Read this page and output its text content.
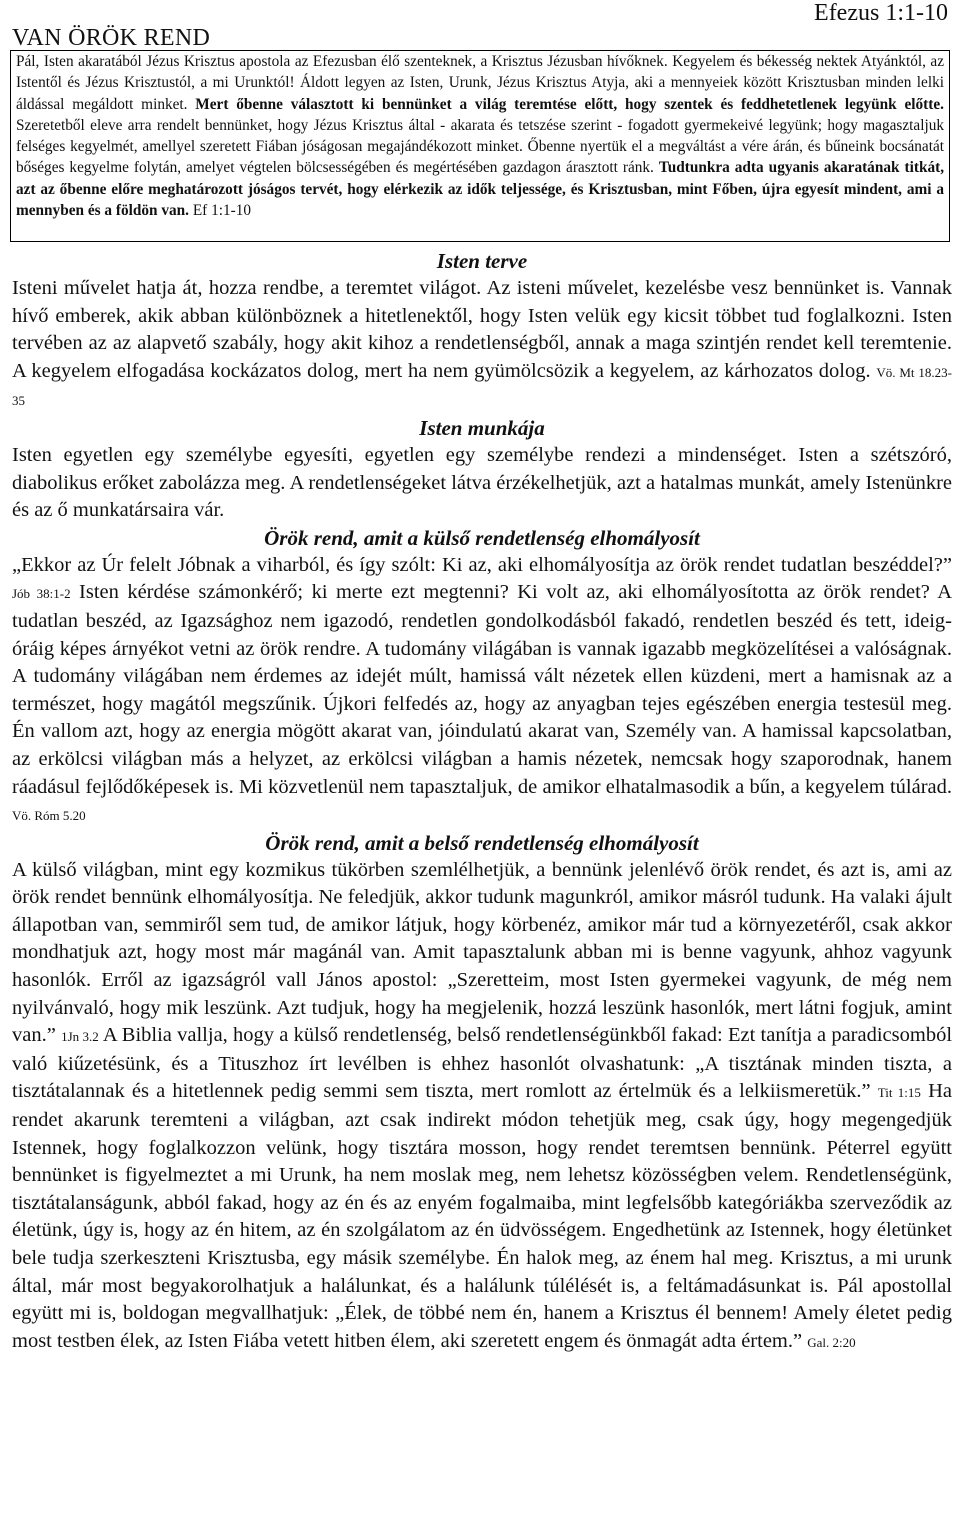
Efezus 1:1-10
VAN ÖRÖK REND

Pál, Isten akaratából Jézus Krisztus apostola az Efezusban élő szenteknek, a Krisztus Jézusban hívőknek. Kegyelem és békesség nektek Atyánktól, az Istentől és Jézus Krisztustól, a mi Urunktól! Áldott legyen az Isten, Urunk, Jézus Krisztus Atyja, aki a mennyeiek között Krisztusban minden lelki áldással megáldott minket. Mert őbenne választott ki bennünket a világ teremtése előtt, hogy szentek és feddhetetlenek legyünk előtte. Szeretetből eleve arra rendelt bennünket, hogy Jézus Krisztus által - akarata és tetszése szerint - fogadott gyermekeivé legyünk; hogy magasztaljuk felséges kegyelmét, amellyel szeretett Fiában jóságosan megajándékozott minket. Őbenne nyertük el a megváltást a vére árán, és bűneink bocsánatát bőséges kegyelme folytán, amelyet végtelen bölcsességében és megértésében gazdagon árasztott ránk. Tudtunkra adta ugyanis akaratának titkát, azt az őbenne előre meghatározott jóságos tervét, hogy elérkezik az idők teljessége, és Krisztusban, mint Főben, újra egyesít mindent, ami a mennyben és a földön van. Ef 1:1-10

Isten terve

Isteni művelet hatja át, hozza rendbe, a teremtet világot. Az isteni művelet, kezelésbe vesz bennünket is. Vannak hívő emberek, akik abban különböznek a hitetlenektől, hogy Isten velük egy kicsit többet tud foglalkozni. Isten tervében az az alapvető szabály, hogy akit kihoz a rendetlenségből, annak a maga szintjén rendet kell teremtenie. A kegyelem elfogadása kockázatos dolog, mert ha nem gyümölcsözik a kegyelem, az kárhozatos dolog. Vö. Mt 18.23-35

Isten munkája

Isten egyetlen egy személybe egyesíti, egyetlen egy személybe rendezi a mindenséget. Isten a szétszóró, diabolikus erőket zabolázza meg. A rendetlenségeket látva érzékelhetjük, azt a hatalmas munkát, amely Istenünkre és az ő munkatársaira vár.

Örök rend, amit a külső rendetlenség elhomályosít

„Ekkor az Úr felelt Jóbnak a viharból, és így szólt: Ki az, aki elhomályosítja az örök rendet tudatlan beszéddel?” Jób 38:1-2 Isten kérdése számonkérő; ki merte ezt megtenni? Ki volt az, aki elhomályosította az örök rendet? A tudatlan beszéd, az Igazsághoz nem igazodó, rendetlen gondolkodásból fakadó, rendetlen beszéd és tett, ideig-óráig képes árnyékot vetni az örök rendre. A tudomány világában is vannak igazabb megközelítései a valóságnak. A tudomány világában nem érdemes az idejét múlt, hamissá vált nézetek ellen küzdeni, mert a hamisnak az a természet, hogy magától megszűnik. Újkori felfedés az, hogy az anyagban tejes egészében energia testesül meg. Én vallom azt, hogy az energia mögött akarat van, jóindulatú akarat van, Személy van. A hamissal kapcsolatban, az erkölcsi világban más a helyzet, az erkölcsi világban a hamis nézetek, nemcsak hogy szaporodnak, hanem ráadásul fejlődőképesek is. Mi közvetlenül nem tapasztaljuk, de amikor elhatalmasodik a bűn, a kegyelem túlárad. Vö. Róm 5.20

Örök rend, amit a belső rendetlenség elhomályosít

A külső világban, mint egy kozmikus tükörben szemlélhetjük, a bennünk jelenlévő örök rendet, és azt is, ami az örök rendet bennünk elhomályosítja. Ne feledjük, akkor tudunk magunkról, amikor másról tudunk. Ha valaki ájult állapotban van, semmiről sem tud, de amikor látjuk, hogy körbenéz, amikor már tud a környezetéről, csak akkor mondhatjuk azt, hogy most már magánál van. Amit tapasztalunk abban mi is benne vagyunk, ahhoz vagyunk hasonlók. Erről az igazságról vall János apostol: „Szeretteim, most Isten gyermekei vagyunk, de még nem nyilvánvaló, hogy mik leszünk. Azt tudjuk, hogy ha megjelenik, hozzá leszünk hasonlók, mert látni fogjuk, amint van.” 1Jn 3.2 A Biblia vallja, hogy a külső rendetlenség, belső rendetlenségünkből fakad: Ezt tanítja a paradicsomból való kiűzetésünk, és a Tituszhoz írt levélben is ehhez hasonlót olvashatunk: „A tisztának minden tiszta, a tisztátalannak és a hitetlennek pedig semmi sem tiszta, mert romlott az értelmük és a lelkiismeretük.” Tit 1:15 Ha rendet akarunk teremteni a világban, azt csak indirekt módon tehetjük meg, csak úgy, hogy megengedjük Istennek, hogy foglalkozzon velünk, hogy tisztára mosson, hogy rendet teremtsen bennünk. Péterrel együtt bennünket is figyelmeztet a mi Urunk, ha nem moslak meg, nem lehetsz közösségben velem. Rendetlenségünk, tisztátalanságunk, abból fakad, hogy az én és az enyém fogalmaiba, mint legfelsőbb kategóriákba szerveződik az életünk, úgy is, hogy az én hitem, az én szolgálatom az én üdvösségem. Engedhetünk az Istennek, hogy életünket bele tudja szerkeszteni Krisztusba, egy másik személybe. Én halok meg, az énem hal meg. Krisztus, a mi urunk által, már most begyakorolhatjuk a halálunkat, és a halálunk túlélését is, a feltámadásunkat is. Pál apostollal együtt mi is, boldogan megvallhatjuk: „Élek, de többé nem én, hanem a Krisztus él bennem! Amely életet pedig most testben élek, az Isten Fiába vetett hitben élem, aki szeretett engem és önmagát adta értem.” Gal. 2:20
